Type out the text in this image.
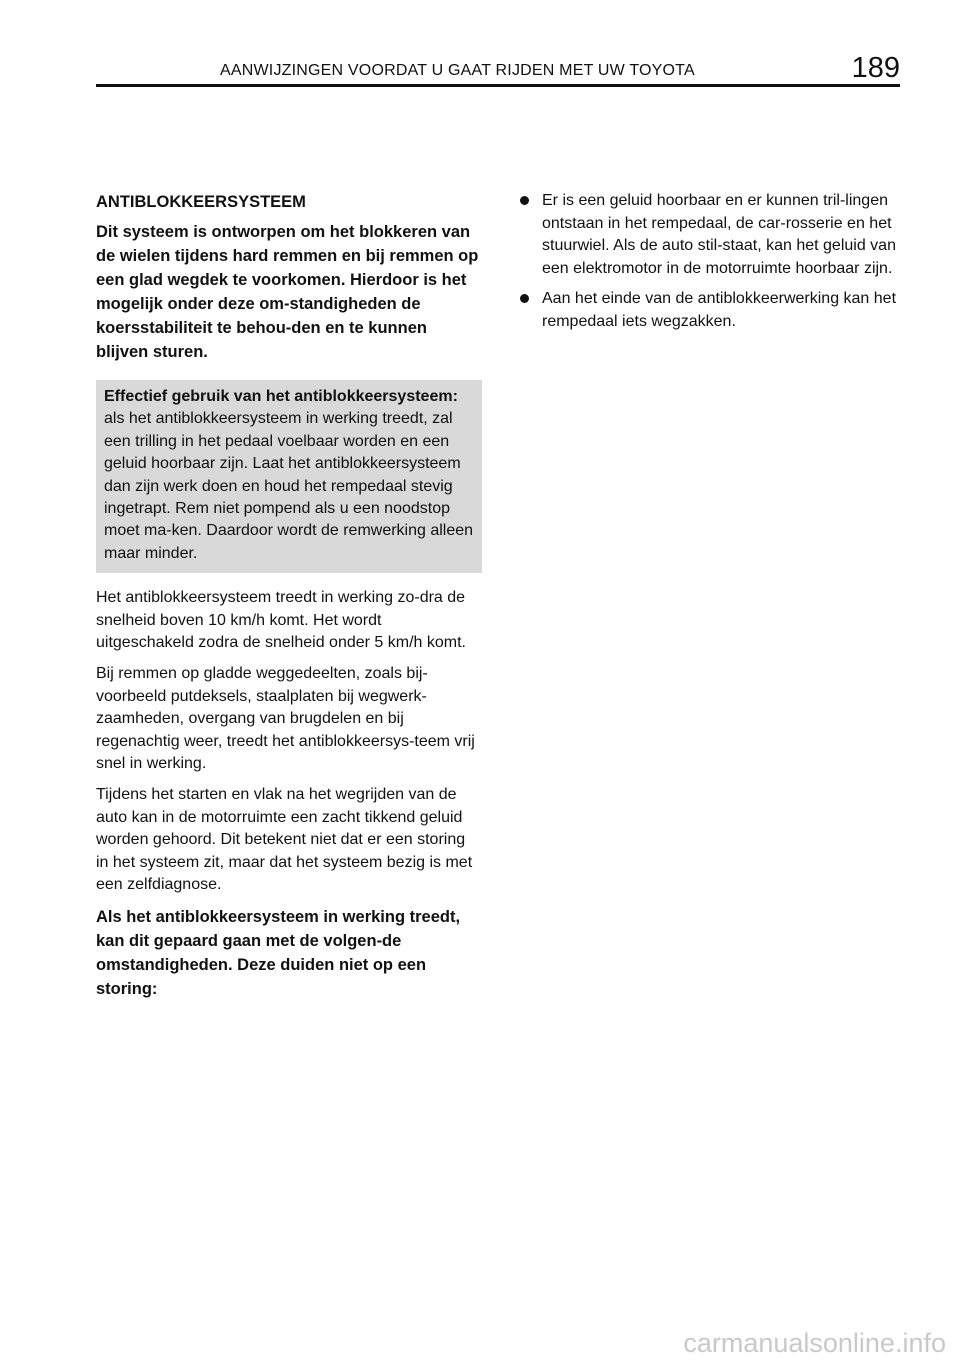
AANWIJZINGEN VOORDAT U GAAT RIJDEN MET UW TOYOTA	189
ANTIBLOKKEERSYSTEEM

Dit systeem is ontworpen om het blokkeren van de wielen tijdens hard remmen en bij remmen op een glad wegdek te voorkomen. Hierdoor is het mogelijk onder deze om-standigheden de koersstabiliteit te behou-den en te kunnen blijven sturen.

Effectief gebruik van het antiblokkeersysteem:
als het antiblokkeersysteem in werking treedt, zal een trilling in het pedaal voelbaar worden en een geluid hoorbaar zijn. Laat het antiblokkeersysteem dan zijn werk doen en houd het rempedaal stevig ingetrapt. Rem niet pompend als u een noodstop moet ma-ken. Daardoor wordt de remwerking alleen maar minder.

Het antiblokkeersysteem treedt in werking zo-dra de snelheid boven 10 km/h komt. Het wordt uitgeschakeld zodra de snelheid onder 5 km/h komt.

Bij remmen op gladde weggedeelten, zoals bij-voorbeeld putdeksels, staalplaten bij wegwerk-zaamheden, overgang van brugdelen en bij regenachtig weer, treedt het antiblokkeersys-teem vrij snel in werking.

Tijdens het starten en vlak na het wegrijden van de auto kan in de motorruimte een zacht tikkend geluid worden gehoord. Dit betekent niet dat er een storing in het systeem zit, maar dat het systeem bezig is met een zelfdiagnose.

Als het antiblokkeersysteem in werking treedt, kan dit gepaard gaan met de volgen-de omstandigheden. Deze duiden niet op een storing:

Er is een geluid hoorbaar en er kunnen tril-lingen ontstaan in het rempedaal, de car-rosserie en het stuurwiel. Als de auto stil-staat, kan het geluid van een elektromotor in de motorruimte hoorbaar zijn.
Aan het einde van de antiblokkeerwerking kan het rempedaal iets wegzakken.
carmanualsonline.info
